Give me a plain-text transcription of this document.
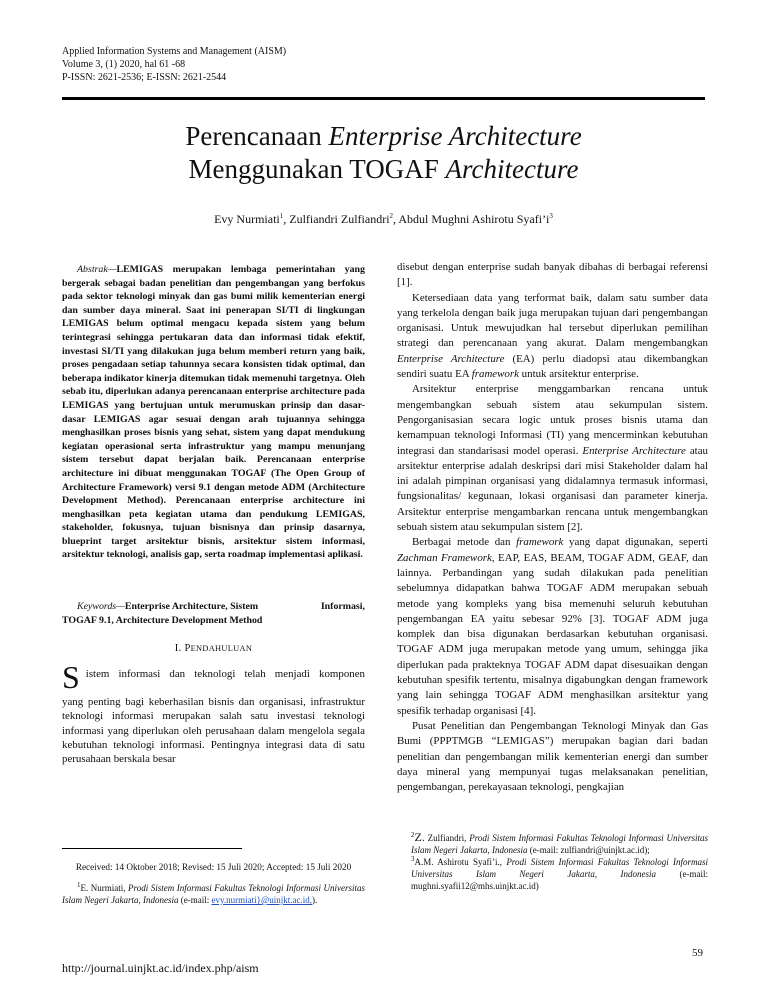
Applied Information Systems and Management (AISM)
Volume 3, (1) 2020, hal 61 -68
P-ISSN: 2621-2536; E-ISSN: 2621-2544
Perencanaan Enterprise Architecture
Menggunakan TOGAF Architecture
Evy Nurmiati$^1$, Zulfiandri Zulfiandri$^2$, Abdul Mughni Ashirotu $Syafi’i^3$
Abstrak—LEMIGAS merupakan lembaga pemerintahan yang bergerak sebagai badan penelitian dan pengembangan yang berfokus pada sektor teknologi minyak dan gas bumi milik kementerian energi dan sumber daya mineral. Saat ini penerapan SI/TI di lingkungan LEMIGAS belum optimal mengacu kepada sistem yang belum terintegrasi sehingga pertukaran data dan informasi tidak efektif, investasi SI/TI yang dilakukan juga belum memberi return yang baik, proses pengadaan setiap tahunnya secara konsisten tidak optimal, dan beberapa indikator kinerja ditemukan tidak memenuhi targetnya. Oleh sebab itu, diperlukan adanya perencanaan enterprise architecture pada LEMIGAS yang bertujuan untuk merumuskan prinsip dan dasar-dasar LEMIGAS agar sesuai dengan arah tujuannya sehingga menghasilkan proses bisnis yang sehat, sistem yang dapat mendukung kegiatan operasional serta infrastruktur yang mampu menunjang sistem tersebut dapat berjalan baik. Perencanaan enterprise architecture ini dibuat menggunakan TOGAF (The Open Group of Architecture Framework) versi 9.1 dengan metode ADM (Architecture Development Method). Perencanaan enterprise architecture ini menghasilkan peta kegiatan utama dan pendukung LEMIGAS, stakeholder, fokusnya, tujuan bisnisnya dan prinsip dasarnya, blueprint target arsitektur bisnis, arsitektur sistem informasi, arsitektur teknologi, analisis gap, serta roadmap implementasi aplikasi.
Keywords—Enterprise Architecture, Sistem	Informasi,
TOGAF 9.1, Architecture Development Method
I. PENDAHULUAN
S istem informasi dan teknologi telah menjadi komponen
yang penting bagi keberhasilan bisnis dan organisasi, infrastruktur teknologi informasi merupakan salah satu investasi teknologi informasi yang diperlukan oleh perusahaan dalam mengelola segala kebutuhan teknologi informasi. Pentingnya integrasi data di satu perusahaan berskala besar

disebut dengan enterprise sudah banyak dibahas di berbagai referensi [1].

Ketersediaan data yang terformat baik, dalam satu sumber data yang terkelola dengan baik juga merupakan tujuan dari pengembangan organisasi. Untuk mewujudkan hal tersebut diperlukan pemilihan strategi dan perencanaan yang akurat. Dalam mengembangkan Enterprise Architecture (EA) perlu diadopsi atau dikembangkan sendiri suatu EA framework untuk arsitektur enterprise.

Arsitektur enterprise menggambarkan rencana untuk mengembangkan sebuah sistem atau sekumpulan sistem. Pengorganisasian secara logic untuk proses bisnis utama dan kemampuan teknologi Informasi (TI) yang mencerminkan kebutuhan integrasi dan standarisasi model operasi. Enterprise Architecture atau arsitektur enterprise adalah deskripsi dari misi Stakeholder dalam hal ini adalah pimpinan organisasi yang didalamnya termasuk informasi, fungsionalitas/ kegunaan, lokasi organisasi dan parameter kinerja. Arsitektur enterprise mengambarkan rencana untuk mengembangkan sebuah sistem atau sekumpulan sistem [2].

Berbagai metode dan framework yang dapat digunakan, seperti Zachman Framework, EAP, EAS, BEAM, TOGAF ADM, GEAF, dan lainnya. Perbandingan yang sudah dilakukan pada penelitian sebelumnya didapatkan bahwa TOGAF ADM merupakan sebuah metode yang kompleks yang bisa memenuhi seluruh kebutuhan pengembangan EA yaitu sebesar 92% [3]. TOGAF ADM juga komplek dan bisa digunakan berdasarkan kebutuhan organisasi. TOGAF ADM juga merupakan metode yang umum, sehingga jika diperlukan pada prakteknya TOGAF ADM dapat disesuaikan dengan kebutuhan spesifik tertentu, misalnya digabungkan dengan framework yang lain sehingga TOGAF ADM menghasilkan arsitektur yang spesifik terhadap organisasi [4].

Pusat Penelitian dan Pengembangan Teknologi Minyak dan Gas Bumi (PPPTMGB “LEMIGAS”) merupakan bagian dari badan penelitian dan pengembangan milik kementerian energi dan sumber daya mineral yang mempunyai tugas melaksanakan penelitian, pengembangan, perekayasaan teknologi, pengkajian

Received: 14 Oktober 2018; Revised: 15 Juli 2020; Accepted: 15 Juli 2020
$^1$E. Nurmiati, Prodi Sistem Informasi Fakultas Teknologi Informasi Universitas Islam Negeri Jakarta, Indonesia (e-mail: evy.nurmiati}@uinjkt.ac.id,).
$^2$Z. Zulfiandri, Prodi Sistem Informasi Fakultas Teknologi Informasi Universitas Islam Negeri Jakarta, Indonesia (e-mail: zulfiandri@uinjkt.ac.id);
$^3$A.M. Ashirotu Syafi’i., Prodi Sistem Informasi Fakultas Teknologi Informasi Universitas Islam Negeri Jakarta, Indonesia (e-mail: mughni.syafii12@mhs.uinjkt.ac.id)
http://journal.uinjkt.ac.id/index.php/aism
59
